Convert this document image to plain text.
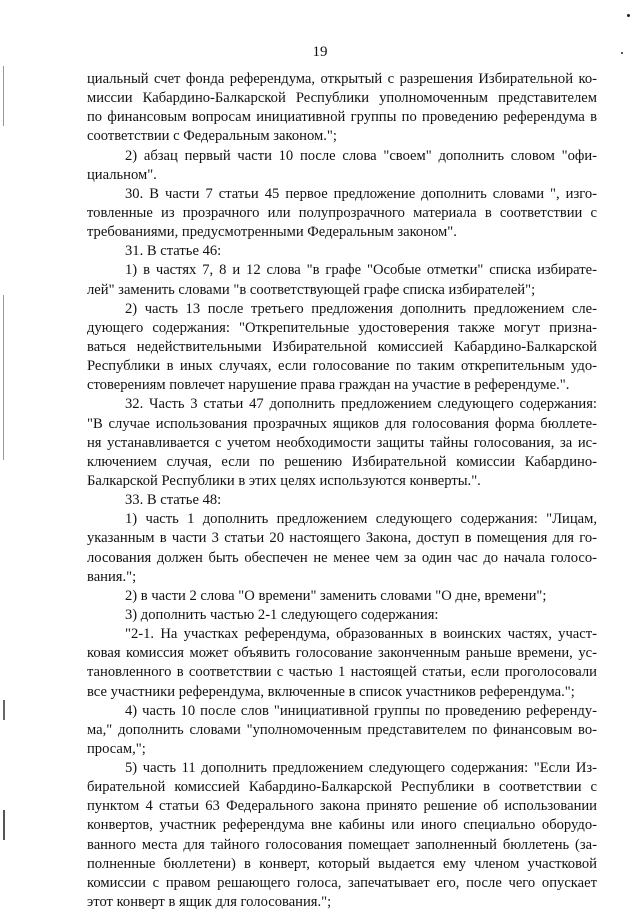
19
циальный счет фонда референдума, открытый с разрешения Избирательной ко-
миссии Кабардино-Балкарской Республики уполномоченным представителем
по финансовым вопросам инициативной группы по проведению референдума в
соответствии с Федеральным законом.";
2) абзац первый части 10 после слова "своем" дополнить словом "офи-
циальном".
30. В части 7 статьи 45 первое предложение дополнить словами ", изго-
товленные из прозрачного или полупрозрачного материала в соответствии с
требованиями, предусмотренными Федеральным законом".
31. В статье 46:
1) в частях 7, 8 и 12 слова "в графе "Особые отметки" списка избирате-
лей" заменить словами "в соответствующей графе списка избирателей";
2) часть 13 после третьего предложения дополнить предложением сле-
дующего содержания: "Открепительные удостоверения также могут призна-
ваться недействительными Избирательной комиссией Кабардино-Балкарской
Республики в иных случаях, если голосование по таким открепительным удо-
стоверениям повлечет нарушение права граждан на участие в референдуме.".
32. Часть 3 статьи 47 дополнить предложением следующего содержания:
"В случае использования прозрачных ящиков для голосования форма бюллете-
ня устанавливается с учетом необходимости защиты тайны голосования, за ис-
ключением случая, если по решению Избирательной комиссии Кабардино-
Балкарской Республики в этих целях используются конверты.".
33. В статье 48:
1) часть 1 дополнить предложением следующего содержания: "Лицам,
указанным в части 3 статьи 20 настоящего Закона, доступ в помещения для го-
лосования должен быть обеспечен не менее чем за один час до начала голосо-
вания.";
2) в части 2 слова "О времени" заменить словами "О дне, времени";
3) дополнить частью 2-1 следующего содержания:
"2-1. На участках референдума, образованных в воинских частях, участ-
ковая комиссия может объявить голосование законченным раньше времени, ус-
тановленного в соответствии с частью 1 настоящей статьи, если проголосовали
все участники референдума, включенные в список участников референдума.";
4) часть 10 после слов "инициативной группы по проведению референду-
ма," дополнить словами "уполномоченным представителем по финансовым во-
просам,";
5) часть 11 дополнить предложением следующего содержания: "Если Из-
бирательной комиссией Кабардино-Балкарской Республики в соответствии с
пунктом 4 статьи 63 Федерального закона принято решение об использовании
конвертов, участник референдума вне кабины или иного специально оборудо-
ванного места для тайного голосования помещает заполненный бюллетень (за-
полненные бюллетени) в конверт, который выдается ему членом участковой
комиссии с правом решающего голоса, запечатывает его, после чего опускает
этот конверт в ящик для голосования.";
